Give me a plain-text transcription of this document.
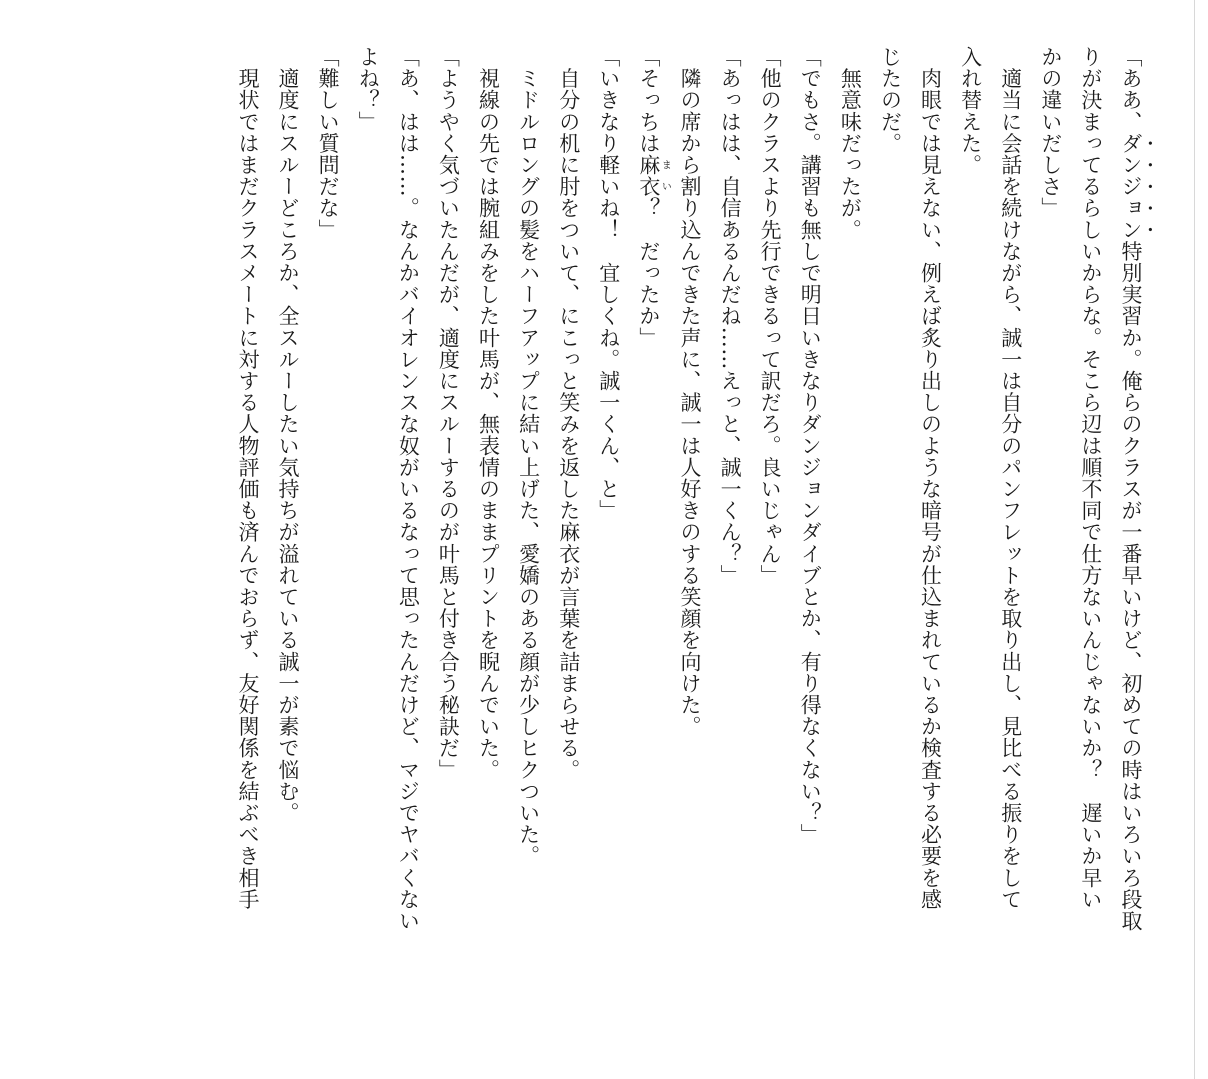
「ああ、ダンジョン特別実習か。俺らのクラスが一番早いけど、初めての時はいろいろ段取
りが決まってるらしいからな。そこら辺は順不同で仕方ないんじゃないか？　遅いか早い
かの違いだしさ」
　適当に会話を続けながら、誠一は自分のパンフレットを取り出し、見比べる振りをして
入れ替えた。
　肉眼では見えない、例えば炙り出しのような暗号が仕込まれているか検査する必要を感
じたのだ。
　無意味だったが。
「でもさ。講習も無しで明日いきなりダンジョンダイブとか、有り得なくない？」
「他のクラスより先行できるって訳だろ。良いじゃん」
「あっはは、自信あるんだね……えっと、誠一くん？」
　隣の席から割り込んできた声に、誠一は人好きのする笑顔を向けた。
「そっちは麻衣まい？　だったか」
「いきなり軽いね！　宜しくね。誠一くん、と」
　自分の机に肘をついて、にこっと笑みを返した麻衣が言葉を詰まらせる。
　ミドルロングの髪をハーフアップに結い上げた、愛嬌のある顔が少しヒクついた。
　視線の先では腕組みをした叶馬が、無表情のままプリントを睨んでいた。
「ようやく気づいたんだが、適度にスルーするのが叶馬と付き合う秘訣だ」
「あ、はは……。なんかバイオレンスな奴がいるなって思ったんだけど、マジでヤバくない
よね？」
「難しい質問だな」
　適度にスルーどころか、全スルーしたい気持ちが溢れている誠一が素で悩む。
　現状ではまだクラスメートに対する人物評価も済んでおらず、友好関係を結ぶべき相手
